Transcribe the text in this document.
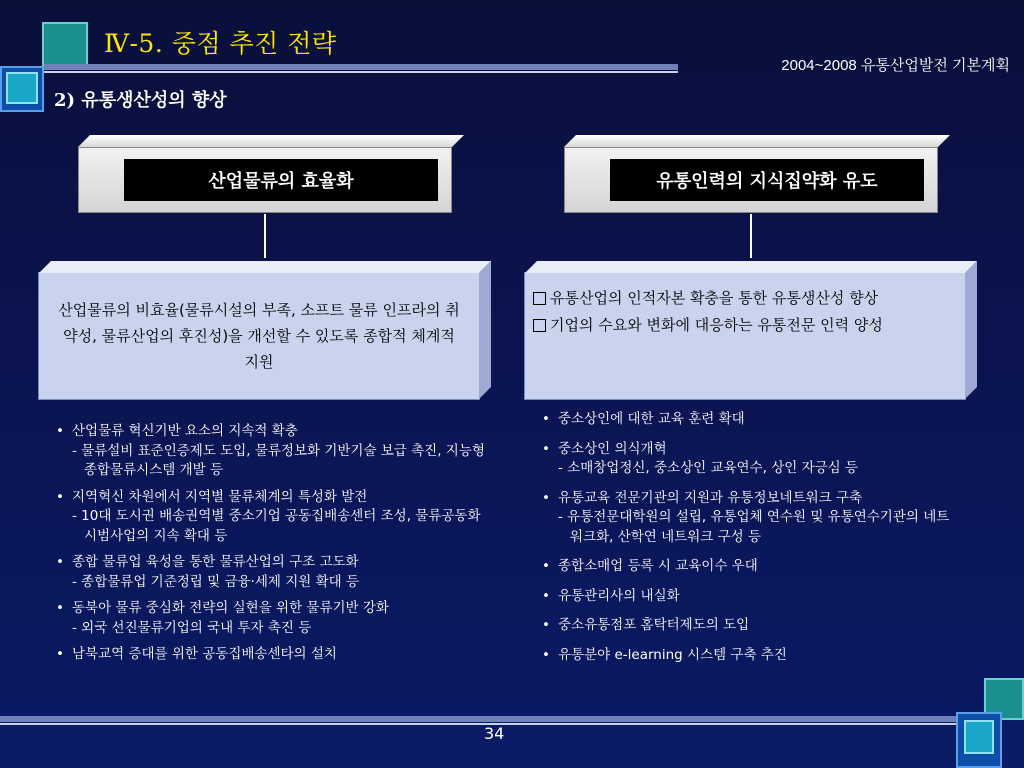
Ⅳ-5. 중점 추진 전략
2004~2008 유통산업발전 기본계획
2) 유통생산성의 향상
산업물류의 효율화	유통인력의 지식집약화 유도
산업물류의 비효율(물류시설의 부족, 소프트 물류 인프라의 취약성, 물류산업의 후진성)을 개선할 수 있도록 종합적 체계적 지원
유통산업의 인적자본 확충을 통한 유통생산성 향상
기업의 수요와 변화에 대응하는 유통전문 인력 양성
• 산업물류 혁신기반 요소의 지속적 확충
- 물류설비 표준인증제도 도입, 물류정보화 기반기술 보급 촉진, 지능형 종합물류시스템 개발 등
• 지역혁신 차원에서 지역별 물류체계의 특성화 발전
- 10대 도시권 배송권역별 중소기업 공동집배송센터 조성, 물류공동화 시범사업의 지속 확대 등
• 종합 물류업 육성을 통한 물류산업의 구조 고도화
- 종합물류업 기준정립 및 금융·세제 지원 확대 등
• 동북아 물류 중심화 전략의 실현을 위한 물류기반 강화
- 외국 선진물류기업의 국내 투자 촉진 등
• 남북교역 증대를 위한 공동집배송센타의 설치
• 중소상인에 대한 교육 훈련 확대
• 중소상인 의식개혁
- 소매창업정신, 중소상인 교육연수, 상인 자긍심 등
• 유통교육 전문기관의 지원과 유통정보네트워크 구축
- 유통전문대학원의 설립, 유통업체 연수원 및 유통연수기관의 네트워크화, 산학연 네트워크 구성 등
• 종합소매업 등록 시 교육이수 우대
• 유통관리사의 내실화
• 중소유통점포 홈탁터제도의 도입
• 유통분야 e-learning 시스템 구축 추진
34
